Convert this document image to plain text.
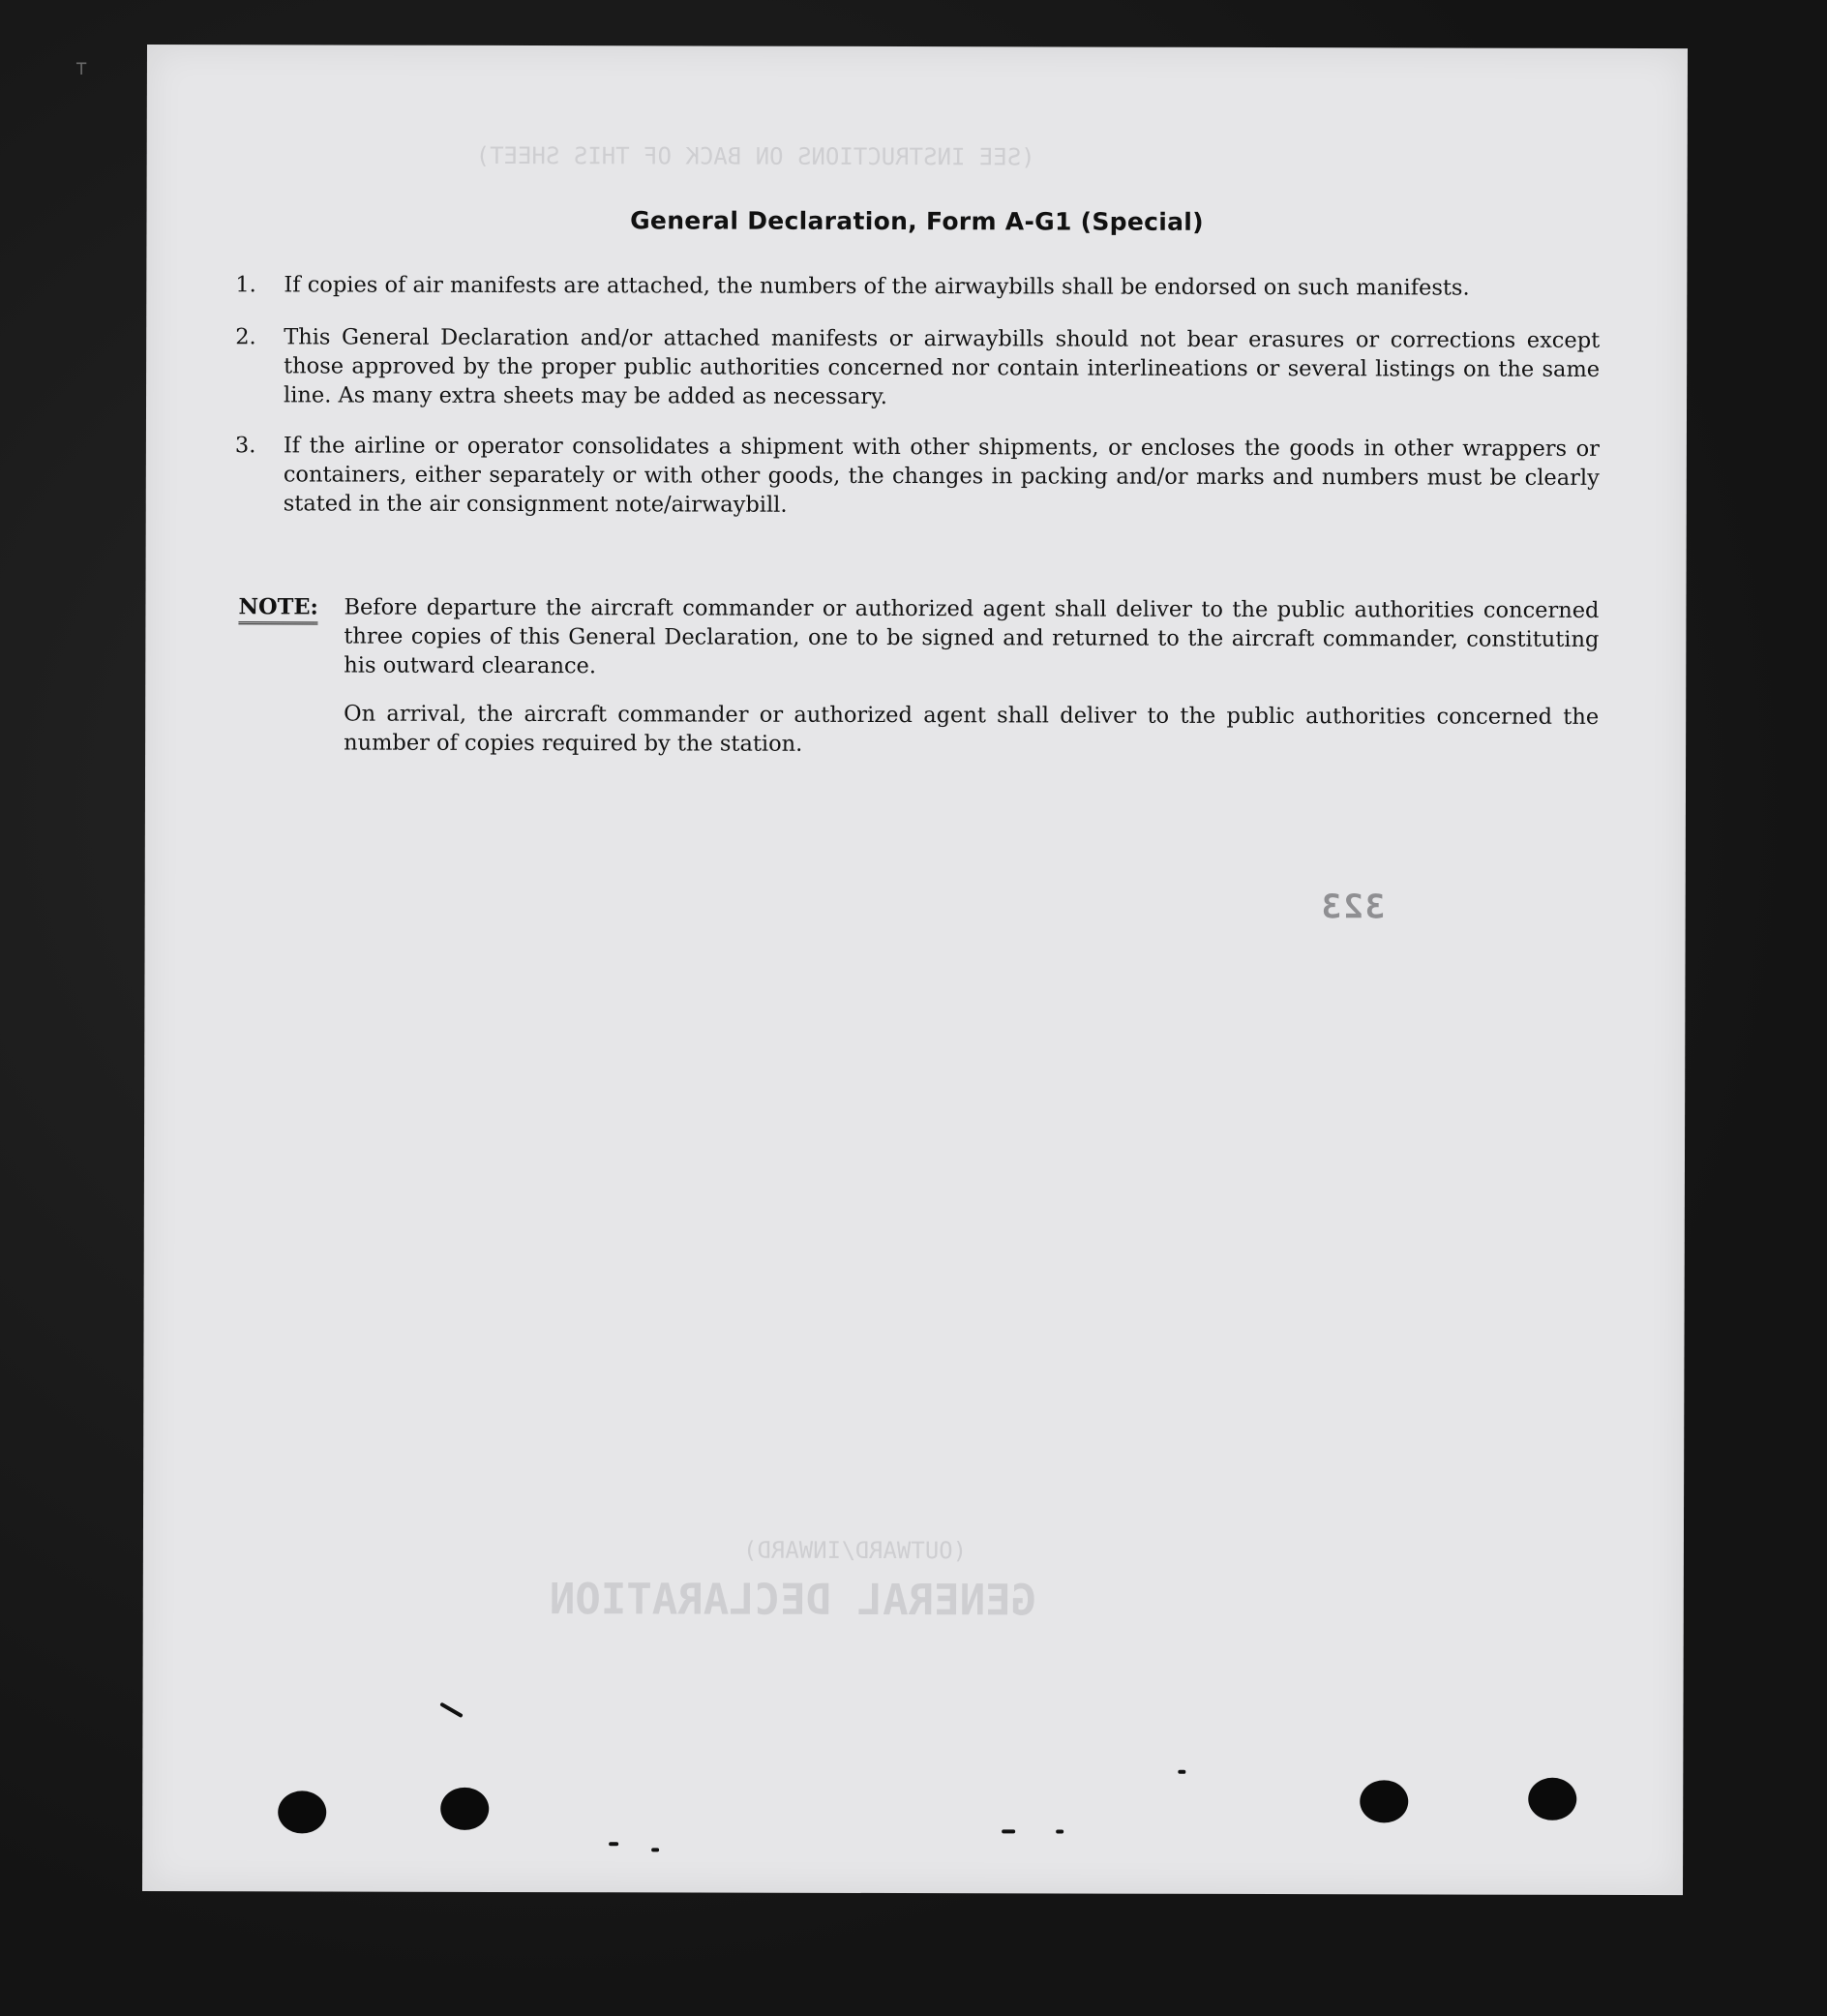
⊤
(SEE INSTRUCTIONS ON BACK OF THIS SHEET)
GENERAL DECLARATION
(OUTWARD/INWARD)
323
General Declaration, Form A-G1 (Special)
1.	If copies of air manifests are attached, the numbers of the airwaybills shall be endorsed on such manifests.
2.	This General Declaration and/or attached manifests or airwaybills should not bear erasures or corrections except those approved by the proper public authorities concerned nor contain interlineations or several listings on the same line. As many extra sheets may be added as necessary.
3.	If the airline or operator consolidates a shipment with other shipments, or encloses the goods in other wrappers or containers, either separately or with other goods, the changes in packing and/or marks and numbers must be clearly stated in the air consignment note/airwaybill.
NOTE: Before departure the aircraft commander or authorized agent shall deliver to the public authorities concerned three copies of this General Declaration, one to be signed and returned to the aircraft commander, constituting his outward clearance.
On arrival, the aircraft commander or authorized agent shall deliver to the public authorities concerned the number of copies required by the station.
